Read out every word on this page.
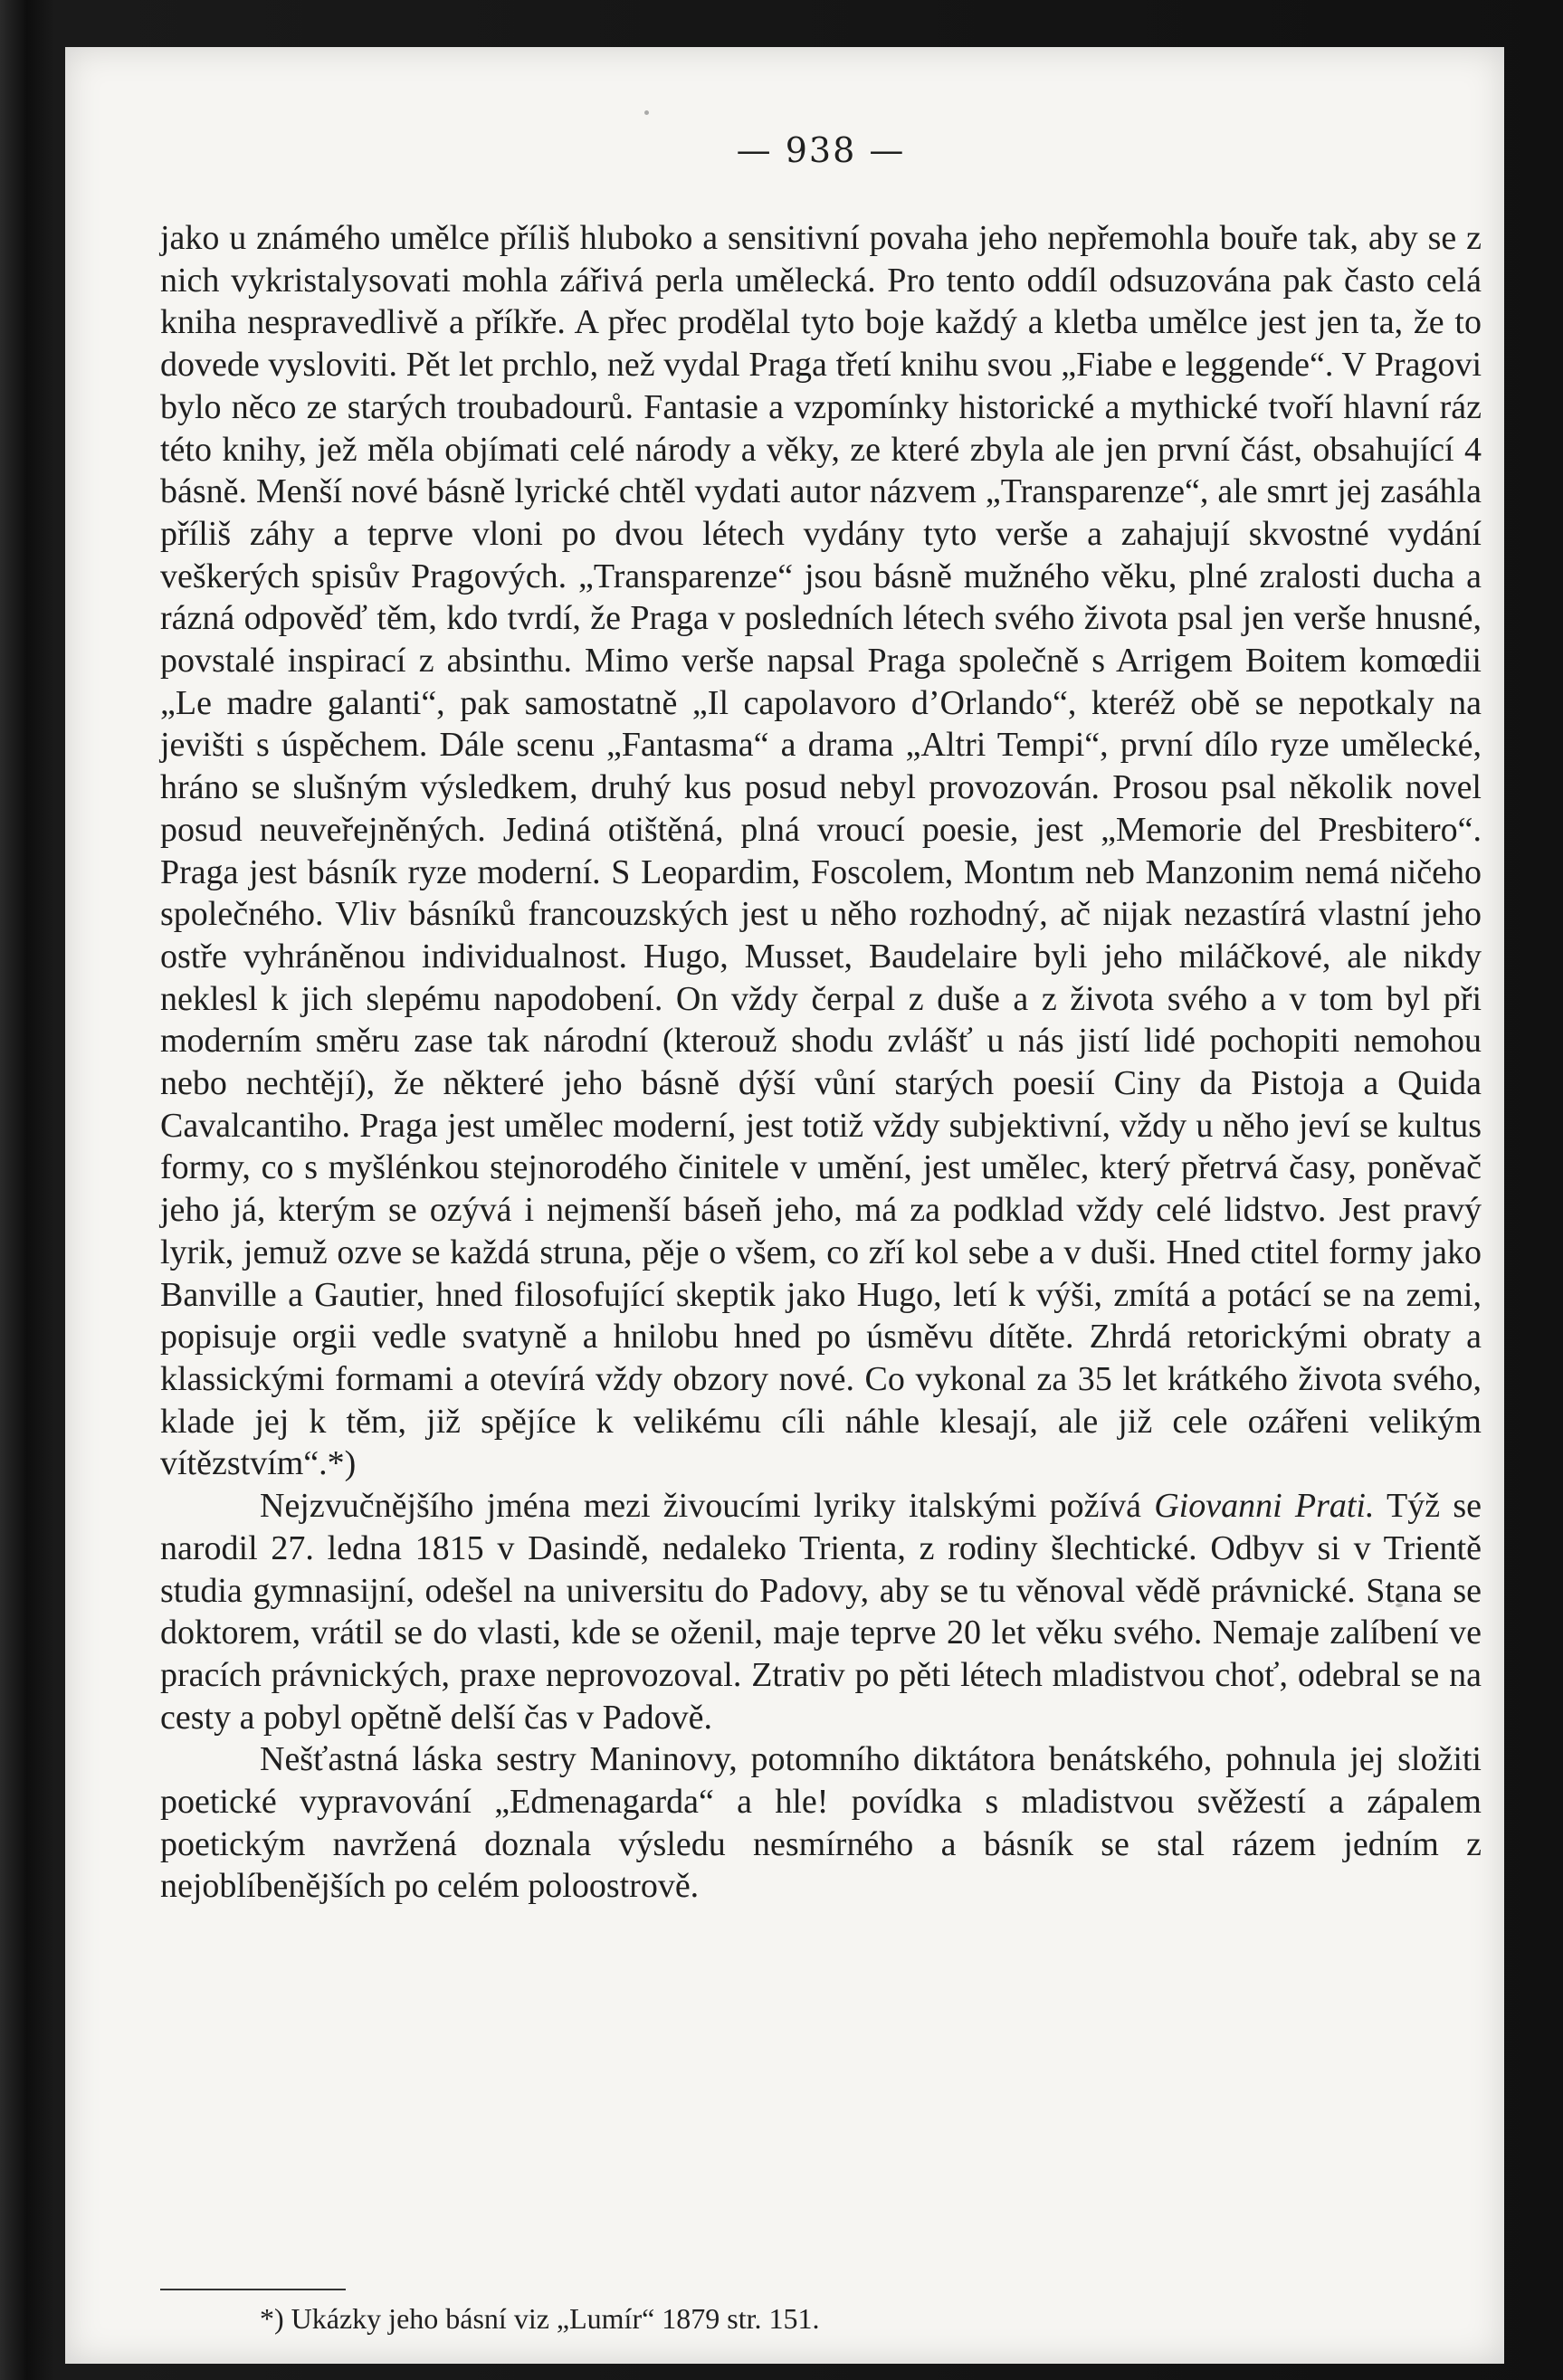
— 938 —

jako u známého umělce příliš hluboko a sensitivní povaha jeho nepřemohla bouře tak, aby se z nich vykristalysovati mohla zářivá perla umělecká. Pro tento oddíl odsuzována pak často celá kniha nespravedlivě a příkře. A přec prodělal tyto boje každý a kletba umělce jest jen ta, že to dovede vysloviti. Pět let prchlo, než vydal Praga třetí knihu svou „Fiabe e leggende“. V Pragovi bylo něco ze starých troubadourů. Fantasie a vzpomínky historické a mythické tvoří hlavní ráz této knihy, jež měla objímati celé národy a věky, ze které zbyla ale jen první část, obsahující 4 básně. Menší nové básně lyrické chtěl vydati autor názvem „Transparenze“, ale smrt jej zasáhla příliš záhy a teprve vloni po dvou létech vydány tyto verše a zahajují skvostné vydání veškerých spisův Pragových. „Transparenze“ jsou básně mužného věku, plné zralosti ducha a rázná odpověď těm, kdo tvrdí, že Praga v posledních létech svého života psal jen verše hnusné, povstalé inspirací z absinthu. Mimo verše napsal Praga společně s Arrigem Boitem komœdii „Le madre galanti“, pak samostatně „Il capolavoro d’Orlando“, kteréž obě se nepotkaly na jevišti s úspěchem. Dále scenu „Fantasma“ a drama „Altri Tempi“, první dílo ryze umělecké, hráno se slušným výsledkem, druhý kus posud nebyl provozován. Prosou psal několik novel posud neuveřejněných. Jediná otištěná, plná vroucí poesie, jest „Memorie del Presbitero“. Praga jest básník ryze moderní. S Leopardim, Foscolem, Montım neb Manzonim nemá ničeho společného. Vliv básníků francouzských jest u něho rozhodný, ač nijak nezastírá vlastní jeho ostře vyhráněnou individualnost. Hugo, Musset, Baudelaire byli jeho miláčkové, ale nikdy neklesl k jich slepému napodobení. On vždy čerpal z duše a z života svého a v tom byl při moderním směru zase tak národní (kterouž shodu zvlášť u nás jistí lidé pochopiti nemohou nebo nechtějí), že některé jeho básně dýší vůní starých poesií Ciny da Pistoja a Quida Cavalcantiho. Praga jest umělec moderní, jest totiž vždy subjektivní, vždy u něho jeví se kultus formy, co s myšlénkou stejnorodého činitele v umění, jest umělec, který přetrvá časy, poněvač jeho já, kterým se ozývá i nejmenší báseň jeho, má za podklad vždy celé lidstvo. Jest pravý lyrik, jemuž ozve se každá struna, pěje o všem, co zří kol sebe a v duši. Hned ctitel formy jako Banville a Gautier, hned filosofující skeptik jako Hugo, letí k výši, zmítá a potácí se na zemi, popisuje orgii vedle svatyně a hnilobu hned po úsměvu dítěte. Zhrdá retorickými obraty a klassickými formami a otevírá vždy obzory nové. Co vykonal za 35 let krátkého života svého, klade jej k těm, již spějíce k velikému cíli náhle klesají, ale již cele ozářeni velikým vítězstvím“.*)

Nejzvučnějšího jména mezi živoucími lyriky italskými požívá Giovanni Prati. Týž se narodil 27. ledna 1815 v Dasindě, nedaleko Trienta, z rodiny šlechtické. Odbyv si v Trientě studia gymnasijní, odešel na universitu do Padovy, aby se tu věnoval vědě právnické. Stana se doktorem, vrátil se do vlasti, kde se oženil, maje teprve 20 let věku svého. Nemaje zalíbení ve pracích právnických, praxe neprovozoval. Ztrativ po pěti létech mladistvou choť, odebral se na cesty a pobyl opětně delší čas v Padově.

Nešťastná láska sestry Maninovy, potomního diktátora benátského, pohnula jej složiti poetické vypravování „Edmenagarda“ a hle! povídka s mladistvou svěžestí a zápalem poetickým navržená doznala výsledu nesmírného a básník se stal rázem jedním z nejoblíbenějších po celém poloostrově.

*) Ukázky jeho básní viz „Lumír“ 1879 str. 151.
